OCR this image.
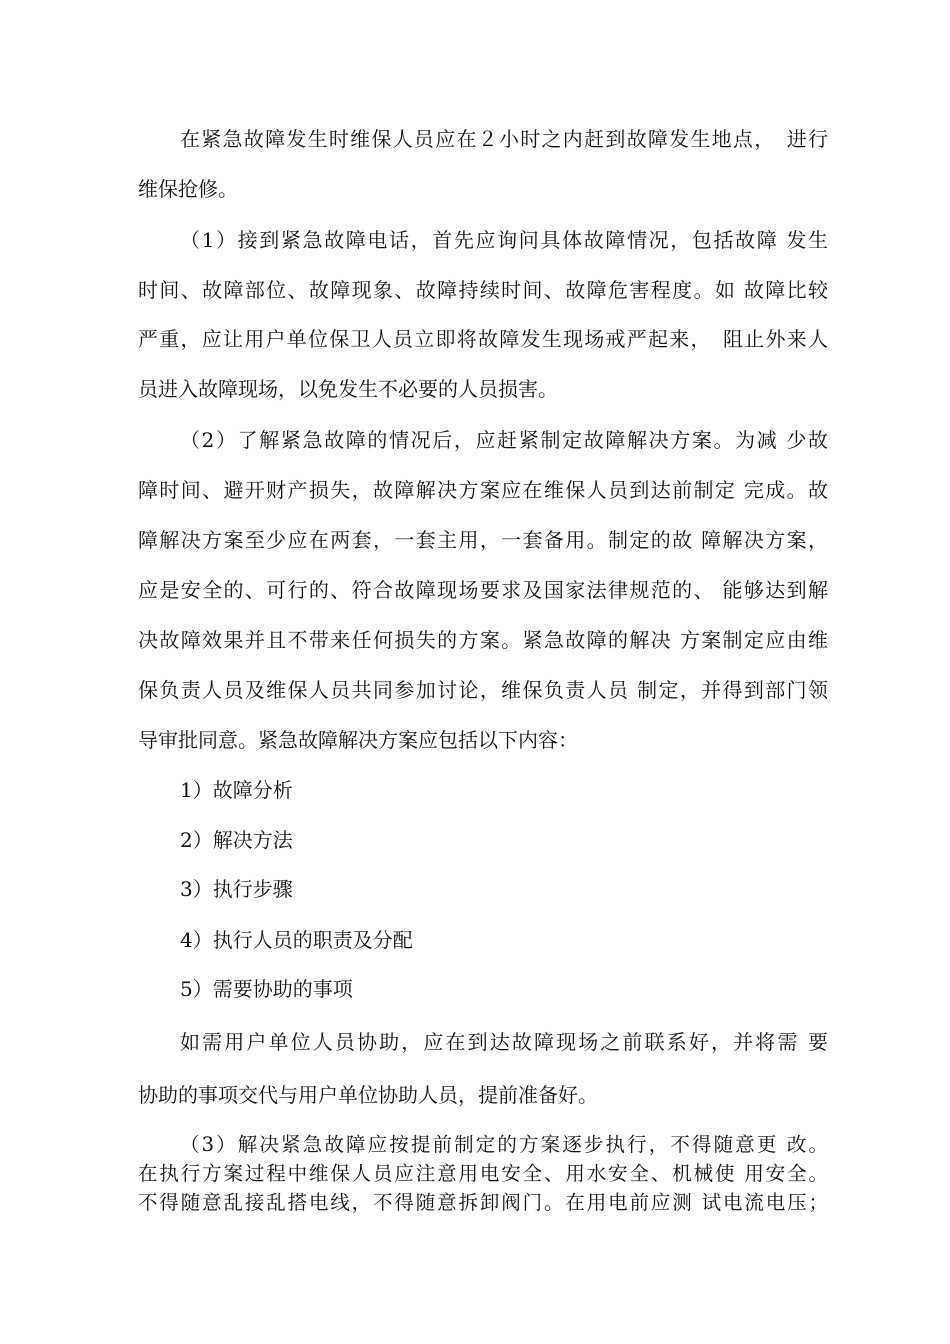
在紧急故障发生时维保人员应在２小时之内赶到故障发生地点，　进行
维保抢修。
（1）接到紧急故障电话，首先应询问具体故障情况，包括故障 发生
时间、故障部位、故障现象、故障持续时间、故障危害程度。如 故障比较
严重，应让用户单位保卫人员立即将故障发生现场戒严起来，　阻止外来人
员进入故障现场，以免发生不必要的人员损害。
（2）了解紧急故障的情况后，应赶紧制定故障解决方案。为减 少故
障时间、避开财产损失，故障解决方案应在维保人员到达前制定 完成。故
障解决方案至少应在两套，一套主用，一套备用。制定的故 障解决方案，
应是安全的、可行的、符合故障现场要求及国家法律规范的、 能够达到解
决故障效果并且不带来任何损失的方案。紧急故障的解决 方案制定应由维
保负责人员及维保人员共同参加讨论，维保负责人员 制定，并得到部门领
导审批同意。紧急故障解决方案应包括以下内容：
1）故障分析
2）解决方法
3）执行步骤
4）执行人员的职责及分配
5）需要协助的事项
如需用户单位人员协助，应在到达故障现场之前联系好，并将需 要
协助的事项交代与用户单位协助人员，提前准备好。
（3）解决紧急故障应按提前制定的方案逐步执行，不得随意更 改。
在执行方案过程中维保人员应注意用电安全、用水安全、机械使 用安全。
不得随意乱接乱搭电线，不得随意拆卸阀门。在用电前应测 试电流电压；
